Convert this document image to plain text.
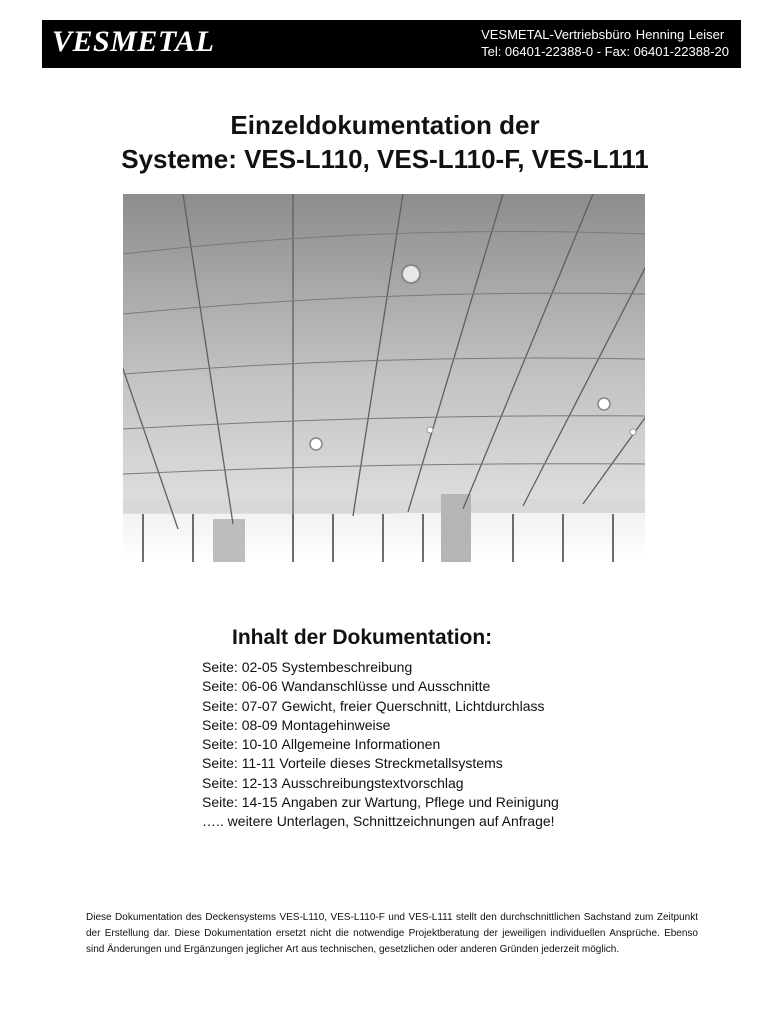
VESMETAL	VESMETAL-Vertriebsbüro Henning Leiser
Tel: 06401-22388-0 - Fax: 06401-22388-20
Einzeldokumentation der
Systeme: VES-L110, VES-L110-F, VES-L111
Inhalt der Dokumentation:
Seite: 02-05 Systembeschreibung
Seite: 06-06 Wandanschlüsse und Ausschnitte
Seite: 07-07 Gewicht, freier Querschnitt, Lichtdurchlass
Seite: 08-09 Montagehinweise
Seite: 10-10 Allgemeine Informationen
Seite: 11-11 Vorteile dieses Streckmetallsystems
Seite: 12-13 Ausschreibungstextvorschlag
Seite: 14-15 Angaben zur Wartung, Pflege und Reinigung
….. weitere Unterlagen, Schnittzeichnungen auf Anfrage!
Diese Dokumentation des Deckensystems VES-L110, VES-L110-F und VES-L111 stellt den durchschnittlichen Sachstand zum Zeitpunkt der Erstellung dar. Diese Dokumentation ersetzt nicht die notwendige Projektberatung der jeweiligen individuellen Ansprüche. Ebenso sind Änderungen und Ergänzungen jeglicher Art aus technischen, gesetzlichen oder anderen Gründen jederzeit möglich.
